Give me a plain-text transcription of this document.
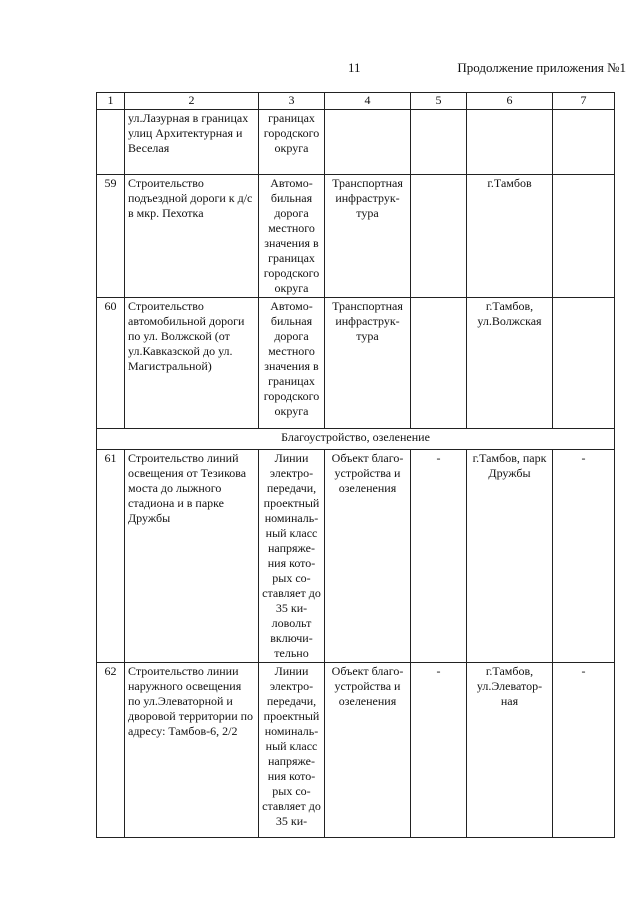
11	Продолжение приложения №1
1	2	3	4	5	6	7
	ул.Лазурная в границах улиц Архитектурная и Веселая	границах городского округа				
59	Строительство подъездной дороги к д/с в мкр. Пехотка	Автомо-бильная дорога местного значения в границах городского округа	Транспортная инфраструк-тура		г.Тамбов	
60	Строительство автомобильной дороги по ул. Волжской (от ул.Кавказской до ул. Магистральной)	Автомо-бильная дорога местного значения в границах городского округа	Транспортная инфраструк-тура		г.Тамбов, ул.Волжская	
Благоустройство, озеленение						
61	Строительство линий освещения от Тезикова моста до лыжного стадиона и в парке Дружбы	Линии электро-передачи, проектный номиналь-ный класс напряже-ния кото-рых со-ставляет до 35 ки-ловольт включи-тельно	Объект благо-устройства и озеленения	-	г.Тамбов, парк Дружбы	-
62	Строительство линии наружного освещения по ул.Элеваторной и дворовой территории по адресу: Тамбов-6, 2/2	Линии электро-передачи, проектный номиналь-ный класс напряже-ния кото-рых со-ставляет до 35 ки-	Объект благо-устройства и озеленения	-	г.Тамбов, ул.Элеватор-ная	-
